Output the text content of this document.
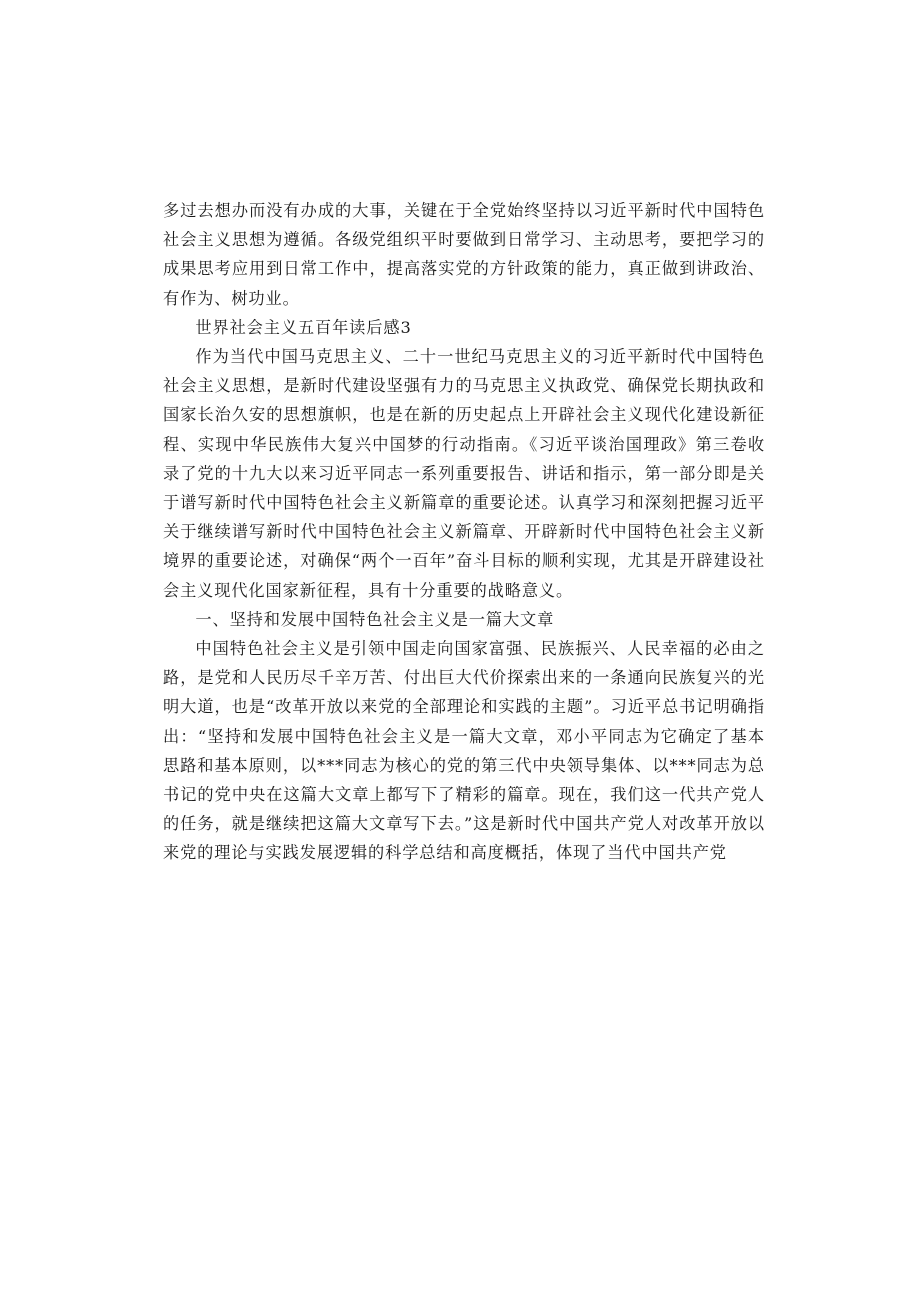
多过去想办而没有办成的大事，关键在于全党始终坚持以习近平新时代中国特色社会主义思想为遵循。各级党组织平时要做到日常学习、主动思考，要把学习的成果思考应用到日常工作中，提高落实党的方针政策的能力，真正做到讲政治、有作为、树功业。

世界社会主义五百年读后感3

作为当代中国马克思主义、二十一世纪马克思主义的习近平新时代中国特色社会主义思想，是新时代建设坚强有力的马克思主义执政党、确保党长期执政和国家长治久安的思想旗帜，也是在新的历史起点上开辟社会主义现代化建设新征程、实现中华民族伟大复兴中国梦的行动指南。《习近平谈治国理政》第三卷收录了党的十九大以来习近平同志一系列重要报告、讲话和指示，第一部分即是关于谱写新时代中国特色社会主义新篇章的重要论述。认真学习和深刻把握习近平关于继续谱写新时代中国特色社会主义新篇章、开辟新时代中国特色社会主义新境界的重要论述，对确保“两个一百年”奋斗目标的顺利实现，尤其是开辟建设社会主义现代化国家新征程，具有十分重要的战略意义。

一、坚持和发展中国特色社会主义是一篇大文章

中国特色社会主义是引领中国走向国家富强、民族振兴、人民幸福的必由之路，是党和人民历尽千辛万苦、付出巨大代价探索出来的一条通向民族复兴的光明大道，也是“改革开放以来党的全部理论和实践的主题”。习近平总书记明确指出：“坚持和发展中国特色社会主义是一篇大文章，邓小平同志为它确定了基本思路和基本原则，以***同志为核心的党的第三代中央领导集体、以***同志为总书记的党中央在这篇大文章上都写下了精彩的篇章。现在，我们这一代共产党人的任务，就是继续把这篇大文章写下去。”这是新时代中国共产党人对改革开放以来党的理论与实践发展逻辑的科学总结和高度概括，体现了当代中国共产党
